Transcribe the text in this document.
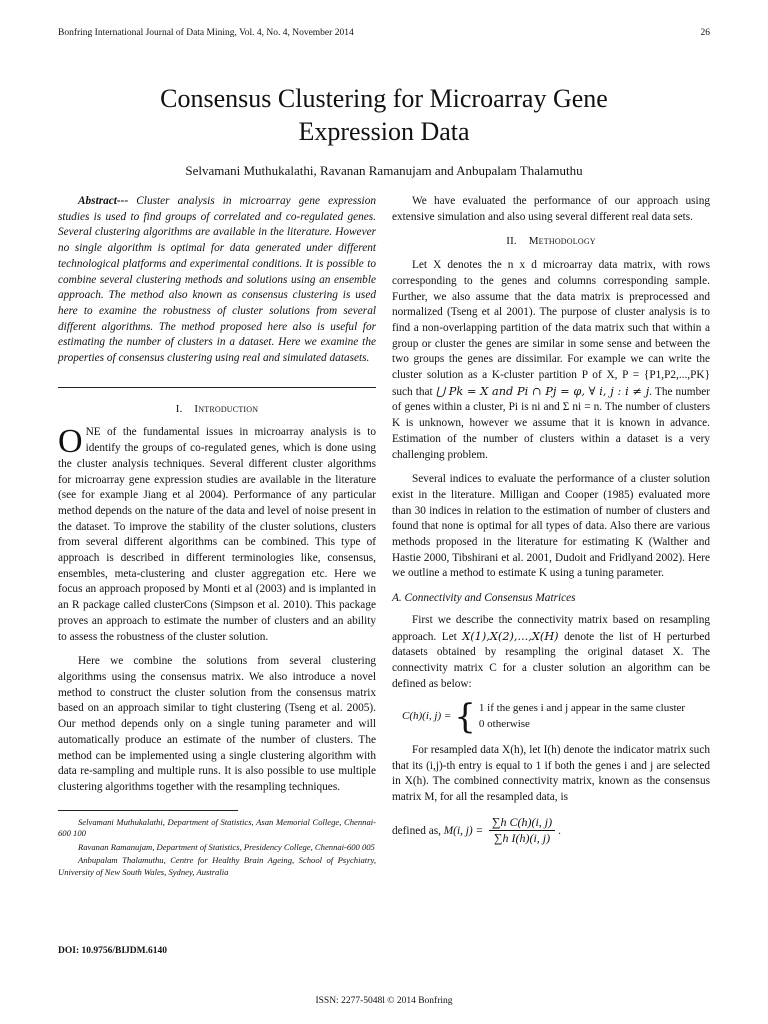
Bonfring International Journal of Data Mining, Vol. 4, No. 4, November 2014	26
Consensus Clustering for Microarray Gene
Expression Data
Selvamani Muthukalathi, Ravanan Ramanujam and Anbupalam Thalamuthu

Abstract--- Cluster analysis in microarray gene expression studies is used to find groups of correlated and co-regulated genes. Several clustering algorithms are available in the literature. However no single algorithm is optimal for data generated under different technological platforms and experimental conditions. It is possible to combine several clustering methods and solutions using an ensemble approach. The method also known as consensus clustering is used here to examine the robustness of cluster solutions from several different algorithms. The method proposed here also is useful for estimating the number of clusters in a dataset. Here we examine the properties of consensus clustering using real and simulated datasets.

I. Introduction

ONE of the fundamental issues in microarray analysis is to identify the groups of co-regulated genes, which is done using the cluster analysis techniques. Several different cluster algorithms for microarray gene expression studies are available in the literature (see for example Jiang et al 2004). Performance of any particular method depends on the nature of the data and level of noise present in the dataset. To improve the stability of the cluster solutions, clusters from several different algorithms can be combined. This type of approach is described in different terminologies like, consensus, ensembles, meta-clustering and cluster aggregation etc. Here we focus an approach proposed by Monti et al (2003) and is implanted in an R package called clusterCons (Simpson et al. 2010). This package proves an approach to estimate the number of clusters and an ability to assess the robustness of the cluster solution.

Here we combine the solutions from several clustering algorithms using the consensus matrix. We also introduce a novel method to construct the cluster solution from the consensus matrix based on an approach similar to tight clustering (Tseng et al. 2005). Our method depends only on a single tuning parameter and will automatically produce an estimate of the number of clusters. The method can be implemented using a single clustering algorithm with data re-sampling and multiple runs. It is also possible to use multiple clustering algorithms together with the resampling techniques.

Selvamani Muthukalathi, Department of Statistics, Asan Memorial College, Chennai- 600 100

Ravanan Ramanujam, Department of Statistics, Presidency College, Chennai-600 005

Anbupalam Thalamuthu, Centre for Healthy Brain Ageing, School of Psychiatry, University of New South Wales, Sydney, Australia

We have evaluated the performance of our approach using extensive simulation and also using several different real data sets.

II. Methodology

Let X denotes the n x d microarray data matrix, with rows corresponding to the genes and columns corresponding sample. Further, we also assume that the data matrix is preprocessed and normalized (Tseng et al 2001). The purpose of cluster analysis is to find a non-overlapping partition of the data matrix such that within a group or cluster the genes are similar in some sense and between the two groups the genes are dissimilar. For example we can write the cluster solution as a K-cluster partition P of X, P = {P1,P2,...,PK} such that ⋃ Pk = X and Pi ∩ Pj = φ, ∀ i, j : i ≠ j. The number of genes within a cluster, Pi is ni and Σ ni = n. The number of clusters K is unknown, however we assume that it is known in advance. Estimation of the number of clusters within a dataset is a very challenging problem.

Several indices to evaluate the performance of a cluster solution exist in the literature. Milligan and Cooper (1985) evaluated more than 30 indices in relation to the estimation of number of clusters and found that none is optimal for all types of data. Also there are various methods proposed in the literature for estimating K (Walther and Hastie 2000, Tibshirani et al. 2001, Dudoit and Fridlyand 2002). Here we outline a method to estimate K using a tuning parameter.

A. Connectivity and Consensus Matrices

First we describe the connectivity matrix based on resampling approach. Let X(1),X(2),...,X(H) denote the list of H perturbed datasets obtained by resampling the original dataset X. The connectivity matrix C for a cluster solution an algorithm can be defined as below:

C(h)(i, j) = { 1 if the genes i and j appear in the same cluster
0 otherwise

For resampled data X(h), let I(h) denote the indicator matrix such that its (i,j)-th entry is equal to 1 if both the genes i and j are selected in X(h). The combined connectivity matrix, known as the consensus matrix M, for all the resampled data, is

defined as, M(i, $j) = \frac{\text{∑h C(h)(i, j)}}{\text{∑h I(h)(i, j)}}$ .

DOI: 10.9756/BIJDM.6140
ISSN: 2277-5048l © 2014 Bonfring
